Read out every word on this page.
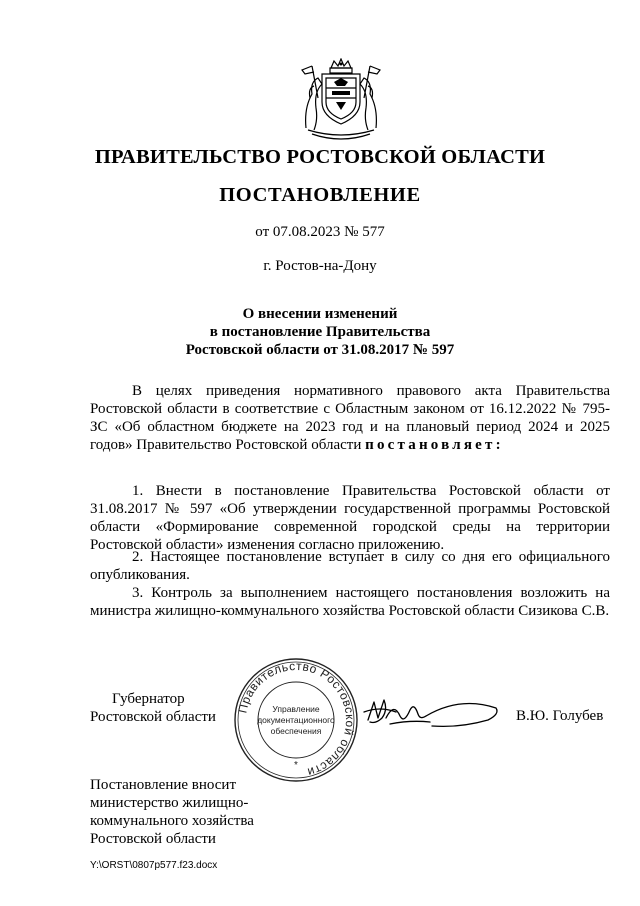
ПРАВИТЕЛЬСТВО РОСТОВСКОЙ ОБЛАСТИ
ПОСТАНОВЛЕНИЕ
от 07.08.2023 № 577
г. Ростов-на-Дону
О внесении изменений
в постановление Правительства
Ростовской области от 31.08.2017 № 597
В целях приведения нормативного правового акта Правительства Ростовской области в соответствие с Областным законом от 16.12.2022 № 795-ЗС «Об областном бюджете на 2023 год и на плановый период 2024 и 2025 годов» Правительство Ростовской области постановляет:
1. Внести в постановление Правительства Ростовской области от 31.08.2017 № 597 «Об утверждении государственной программы Ростовской области «Формирование современной городской среды на территории Ростовской области» изменения согласно приложению.
2. Настоящее постановление вступает в силу со дня его официального опубликования.
3. Контроль за выполнением настоящего постановления возложить на министра жилищно-коммунального хозяйства Ростовской области Сизикова С.В.
Губернатор
Ростовской области
Правительство Ростовской области
Управление
документационного
обеспечения
*
В.Ю. Голубев
Постановление вносит
министерство жилищно-
коммунального хозяйства
Ростовской области
Y:\ORST\0807p577.f23.docx
